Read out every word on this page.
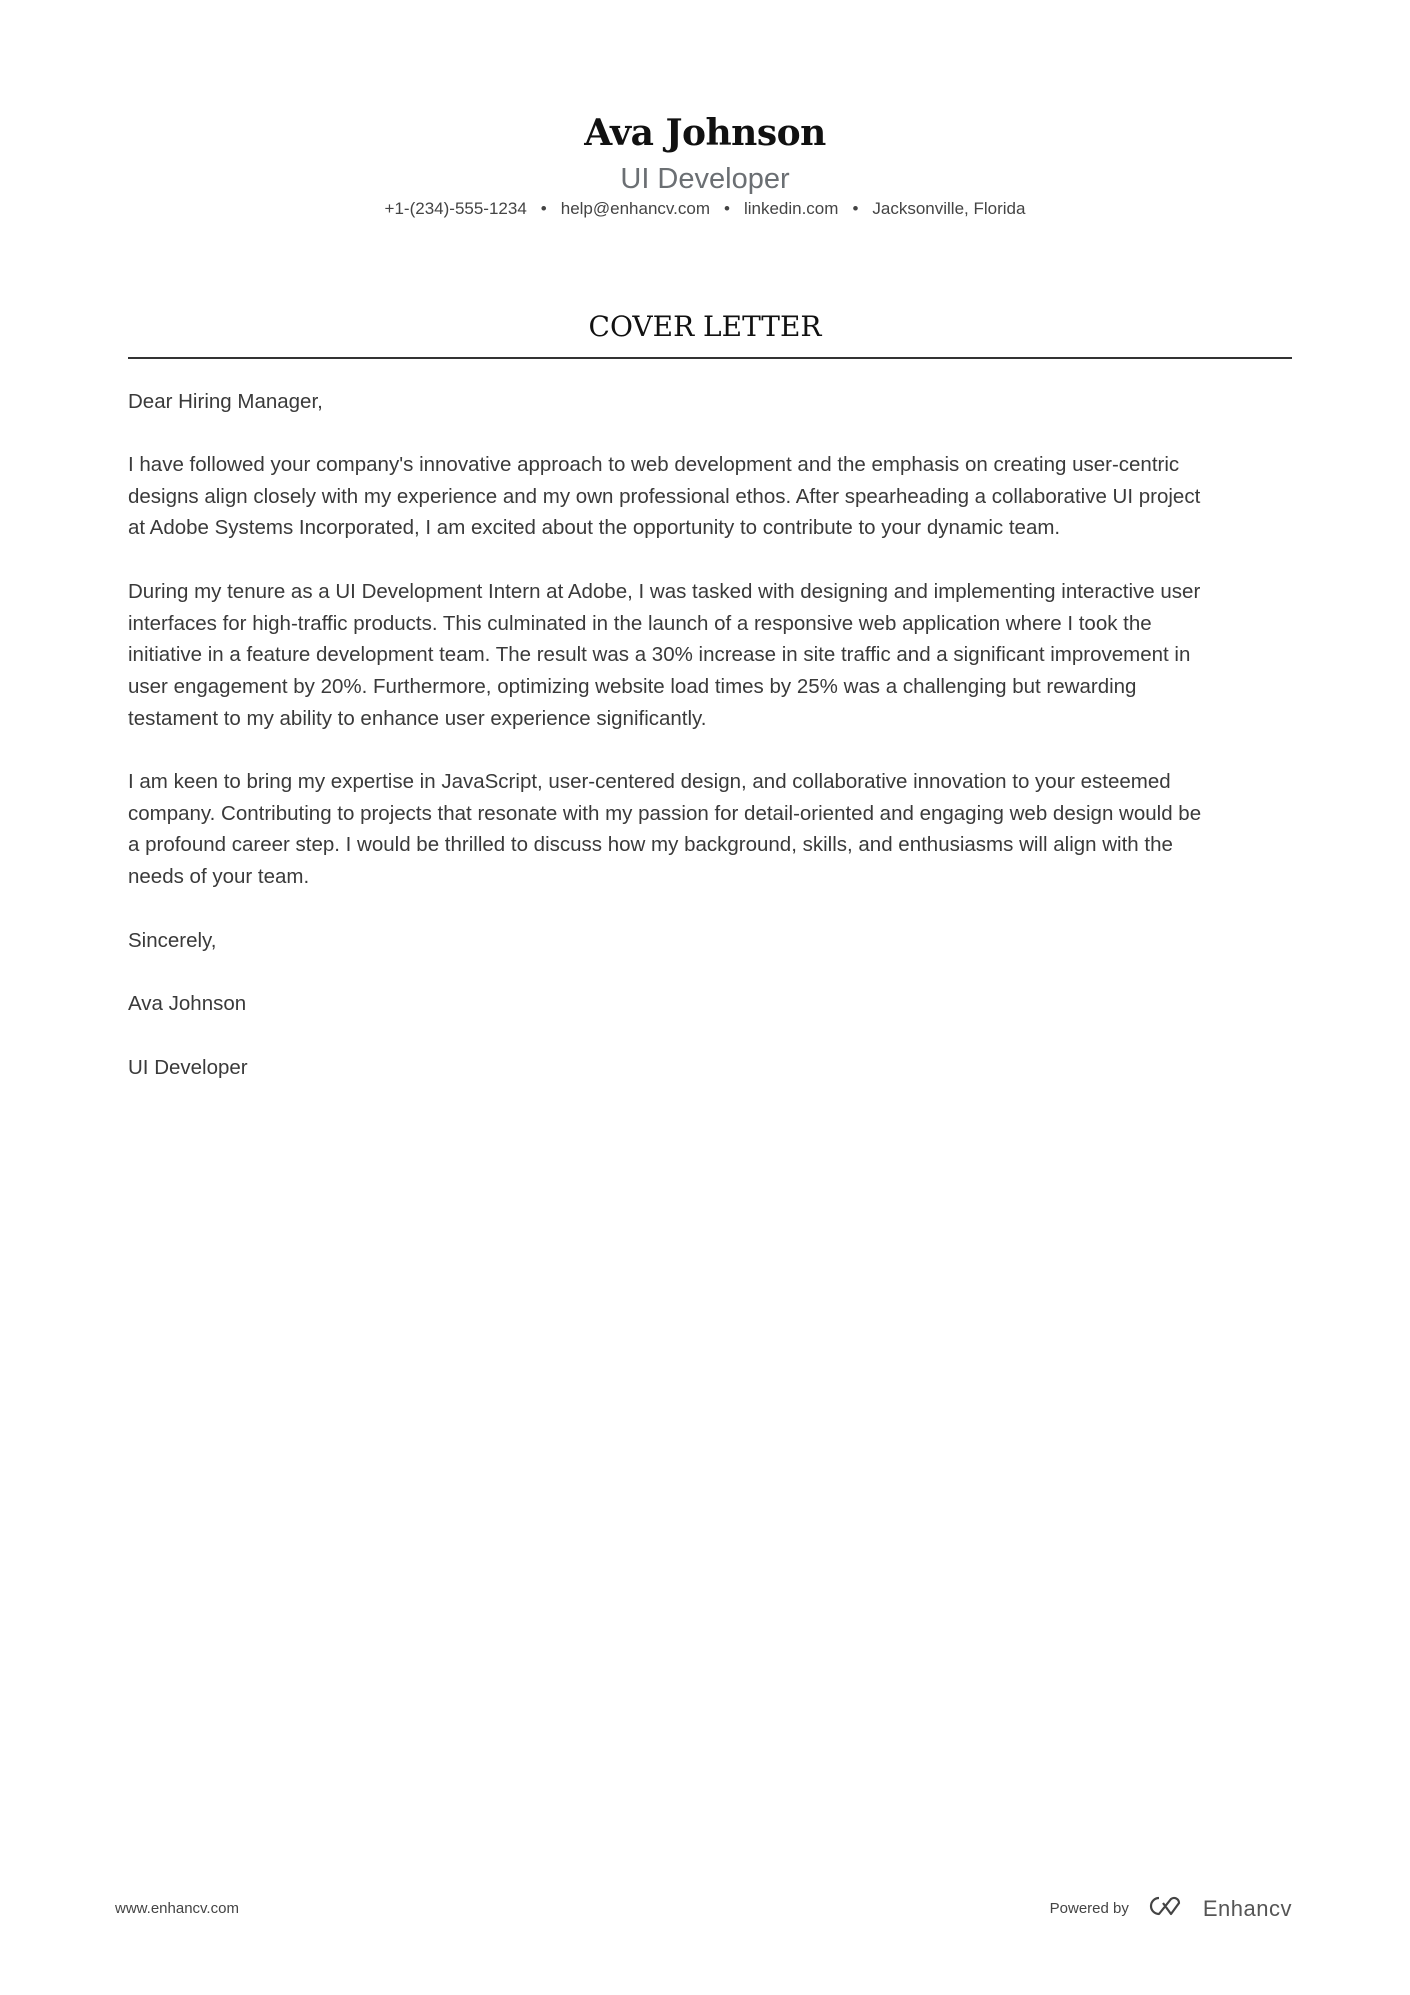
Ava Johnson
UI Developer
+1-(234)-555-1234 • help@enhancv.com • linkedin.com • Jacksonville, Florida
COVER LETTER
Dear Hiring Manager,
I have followed your company's innovative approach to web development and the emphasis on creating user-centric
designs align closely with my experience and my own professional ethos. After spearheading a collaborative UI project
at Adobe Systems Incorporated, I am excited about the opportunity to contribute to your dynamic team.
During my tenure as a UI Development Intern at Adobe, I was tasked with designing and implementing interactive user
interfaces for high-traffic products. This culminated in the launch of a responsive web application where I took the
initiative in a feature development team. The result was a 30% increase in site traffic and a significant improvement in
user engagement by 20%. Furthermore, optimizing website load times by 25% was a challenging but rewarding
testament to my ability to enhance user experience significantly.
I am keen to bring my expertise in JavaScript, user-centered design, and collaborative innovation to your esteemed
company. Contributing to projects that resonate with my passion for detail-oriented and engaging web design would be
a profound career step. I would be thrilled to discuss how my background, skills, and enthusiasms will align with the
needs of your team.
Sincerely,
Ava Johnson
UI Developer
www.enhancv.com	Powered by	Enhancv
